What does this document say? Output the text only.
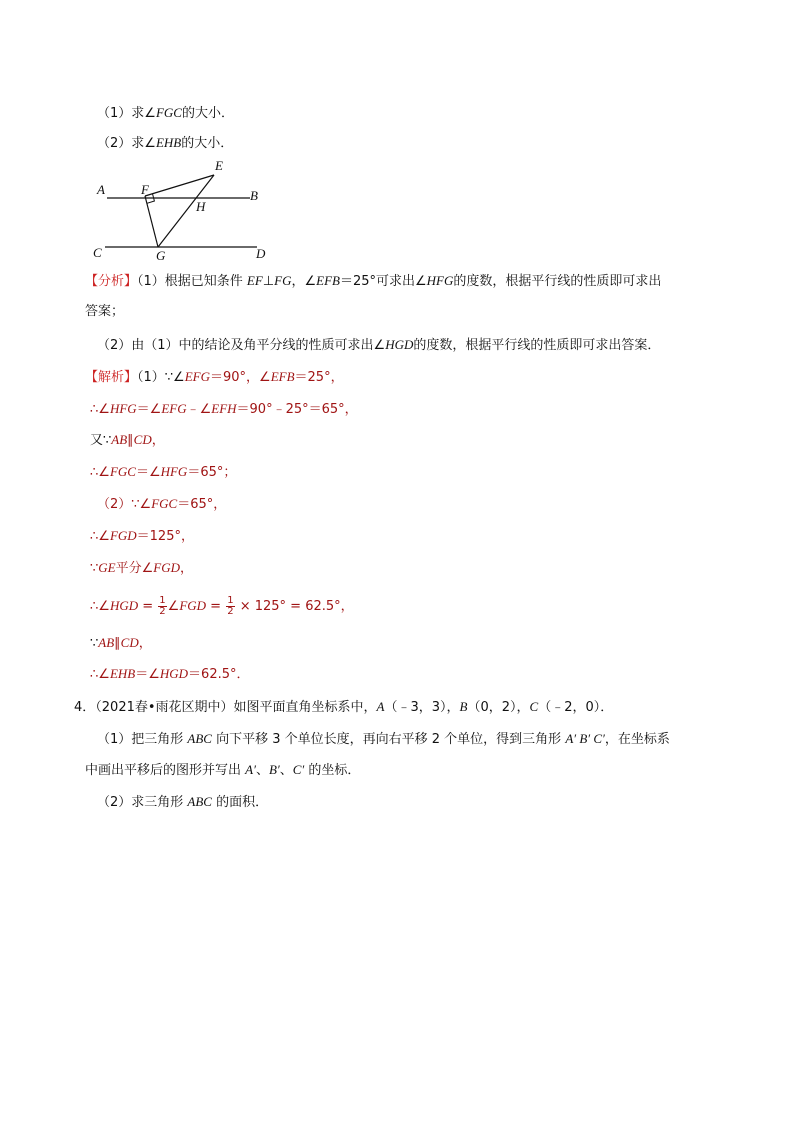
（1）求∠FGC的大小．
（2）求∠EHB的大小．
A	B
C	D
E
F
G
H
【分析】（1）根据已知条件 EF⊥FG，∠EFB＝25°可求出∠HFG的度数，根据平行线的性质即可求出
答案；
（2）由（1）中的结论及角平分线的性质可求出∠HGD的度数，根据平行线的性质即可求出答案．
【解析】（1）∵∠EFG＝90°，∠EFB＝25°，
∴∠HFG＝∠EFG﹣∠EFH＝90°﹣25°＝65°，
又∵AB∥CD，
∴∠FGC＝∠HFG＝65°；
（2）∵∠FGC＝65°，
∴∠FGD＝125°，
∵GE平分∠FGD，
∴∠HGD = $\frac{1}{2}$ ∠FGD = $\frac{1}{2} \times 125^\circ = 62.5^\circ$，
∵AB∥CD，
∴∠EHB＝∠HGD＝62.5°．
4．（2021春•雨花区期中）如图平面直角坐标系中，A（﹣3，3），B（0，2），C（﹣2，0）．
（1）把三角形 ABC 向下平移 3 个单位长度，再向右平移 2 个单位，得到三角形 A′ B′ C′，在坐标系
中画出平移后的图形并写出 A′、B′、C′ 的坐标．
（2）求三角形 ABC 的面积．
